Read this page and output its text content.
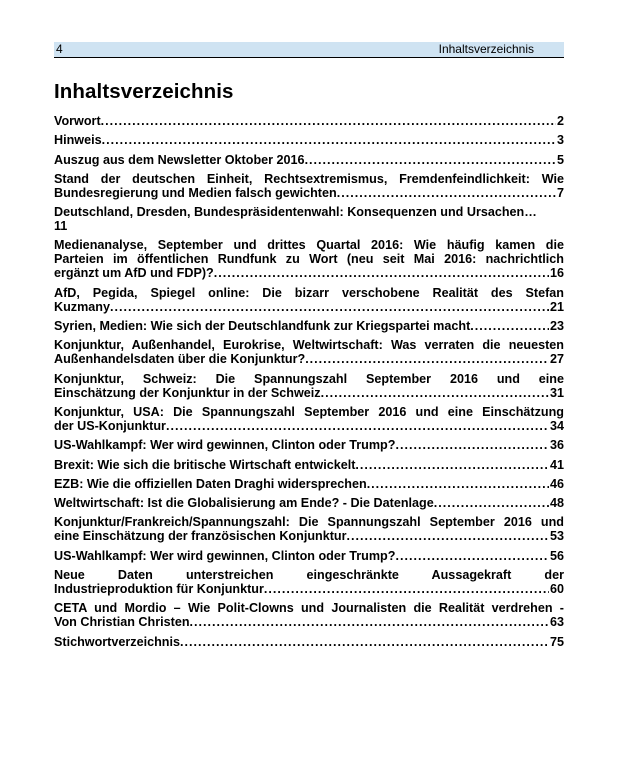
4	Inhaltsverzeichnis
Inhaltsverzeichnis
Vorwort .....	2
Hinweis .....	3
Auszug aus dem Newsletter Oktober 2016 .....	5
Stand der deutschen Einheit, Rechtsextremismus, Fremdenfeindlichkeit: Wie
Bundesregierung und Medien falsch gewichten .....	7
Deutschland, Dresden, Bundespräsidentenwahl: Konsequenzen und Ursachen…
11
Medienanalyse, September und drittes Quartal 2016: Wie häufig kamen die
Parteien im öffentlichen Rundfunk zu Wort (neu seit Mai 2016: nachrichtlich
ergänzt um AfD und FDP)? .....	16
AfD, Pegida, Spiegel online: Die bizarr verschobene Realität des Stefan
Kuzmany .....	21
Syrien, Medien: Wie sich der Deutschlandfunk zur Kriegspartei macht .....	23
Konjunktur, Außenhandel, Eurokrise, Weltwirtschaft: Was verraten die neuesten
Außenhandelsdaten über die Konjunktur? .....	27
Konjunktur, Schweiz: Die Spannungszahl September 2016 und eine
Einschätzung der Konjunktur in der Schweiz .....	31
Konjunktur, USA: Die Spannungszahl September 2016 und eine Einschätzung
der US-Konjunktur .....	34
US-Wahlkampf: Wer wird gewinnen, Clinton oder Trump? .....	36
Brexit: Wie sich die britische Wirtschaft entwickelt .....	41
EZB: Wie die offiziellen Daten Draghi widersprechen .....	46
Weltwirtschaft: Ist die Globalisierung am Ende? - Die Datenlage .....	48
Konjunktur/Frankreich/Spannungszahl: Die Spannungszahl September 2016 und
eine Einschätzung der französischen Konjunktur .....	53
US-Wahlkampf: Wer wird gewinnen, Clinton oder Trump? .....	56
Neue Daten unterstreichen eingeschränkte Aussagekraft der
Industrieproduktion für Konjunktur .....	60
CETA und Mordio – Wie Polit-Clowns und Journalisten die Realität verdrehen -
Von Christian Christen .....	63
Stichwortverzeichnis .....	75
